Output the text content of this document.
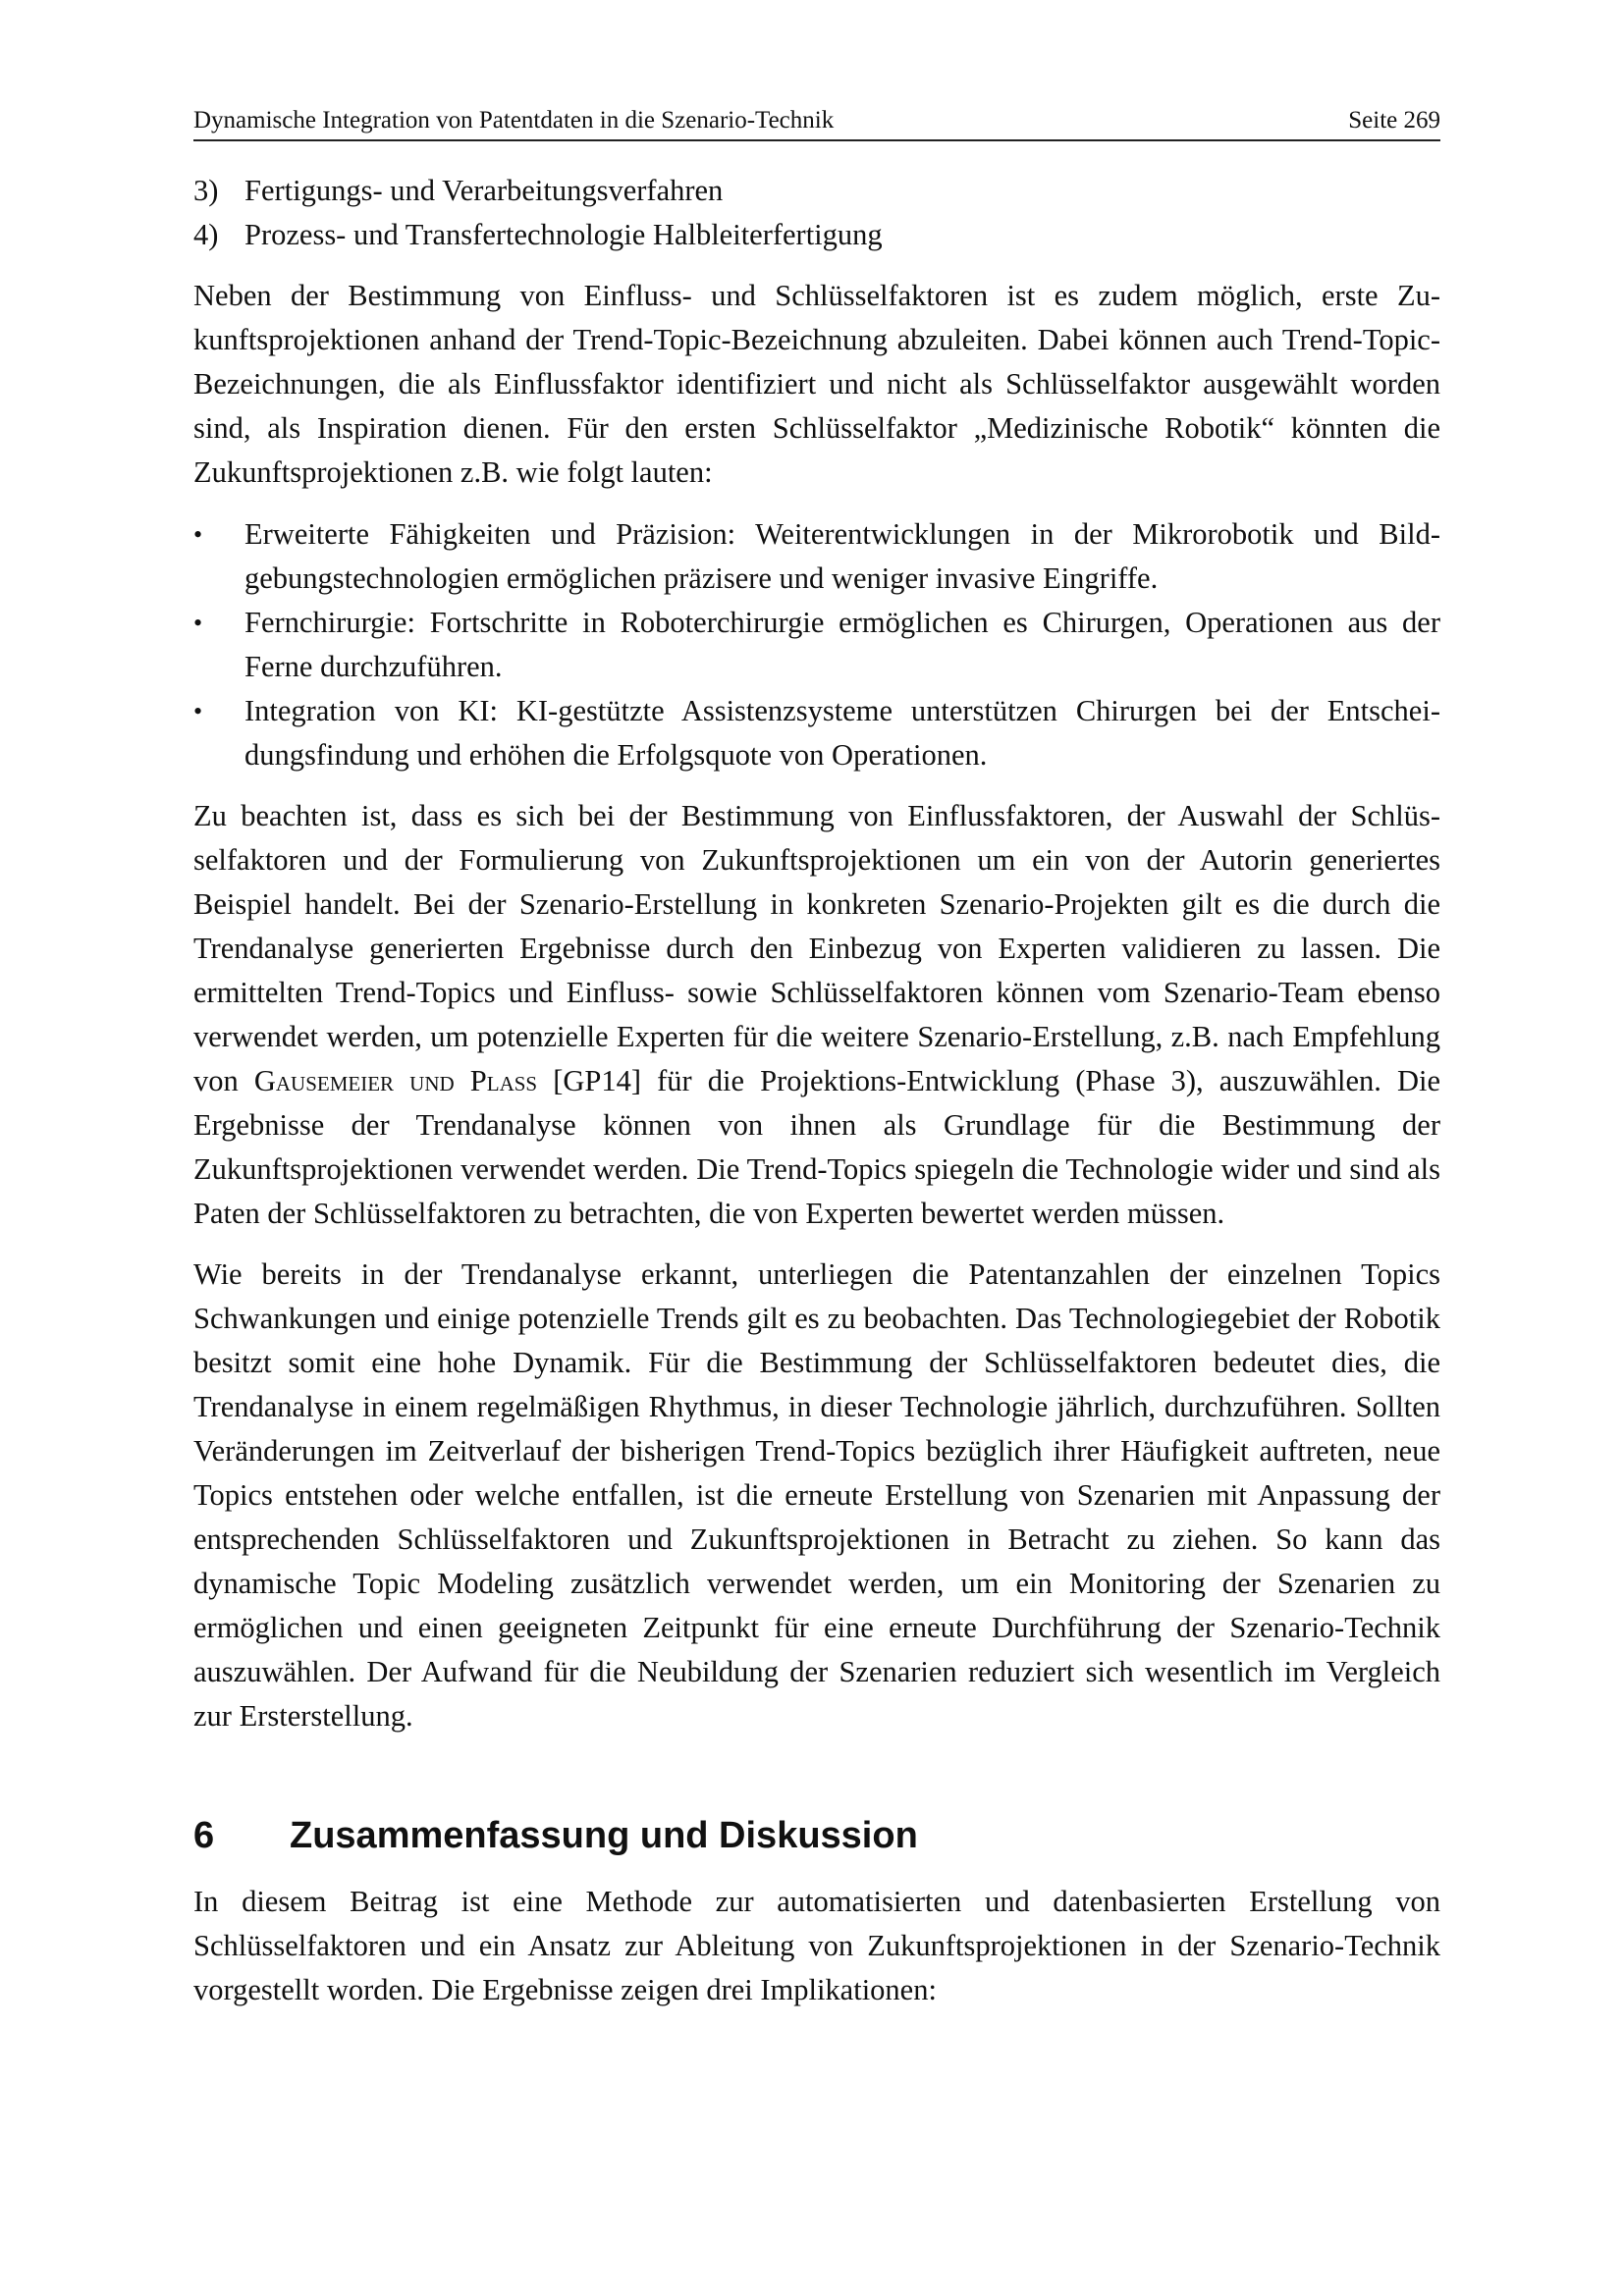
Dynamische Integration von Patentdaten in die Szenario-Technik	Seite 269
3) Fertigungs- und Verarbeitungsverfahren
4) Prozess- und Transfertechnologie Halbleiterfertigung

Neben der Bestimmung von Einfluss- und Schlüsselfaktoren ist es zudem möglich, erste Zukunftsprojektionen anhand der Trend-Topic-Bezeichnung abzuleiten. Dabei können auch Trend-Topic-Bezeichnungen, die als Einflussfaktor identifiziert und nicht als Schlüsselfaktor ausgewählt worden sind, als Inspiration dienen. Für den ersten Schlüsselfaktor „Medizinische Robotik“ könnten die Zukunftsprojektionen z.B. wie folgt lauten:

•	Erweiterte Fähigkeiten und Präzision: Weiterentwicklungen in der Mikrorobotik und Bildgebungstechnologien ermöglichen präzisere und weniger invasive Eingriffe.
•	Fernchirurgie: Fortschritte in Roboterchirurgie ermöglichen es Chirurgen, Operationen aus der Ferne durchzuführen.
•	Integration von KI: KI-gestützte Assistenzsysteme unterstützen Chirurgen bei der Entscheidungsfindung und erhöhen die Erfolgsquote von Operationen.

Zu beachten ist, dass es sich bei der Bestimmung von Einflussfaktoren, der Auswahl der Schlüsselfaktoren und der Formulierung von Zukunftsprojektionen um ein von der Autorin generiertes Beispiel handelt. Bei der Szenario-Erstellung in konkreten Szenario-Projekten gilt es die durch die Trendanalyse generierten Ergebnisse durch den Einbezug von Experten validieren zu lassen. Die ermittelten Trend-Topics und Einfluss- sowie Schlüsselfaktoren können vom Szenario-Team ebenso verwendet werden, um potenzielle Experten für die weitere Szenario-Erstellung, z.B. nach Empfehlung von Gausemeier und Plass [GP14] für die Projektions-Entwicklung (Phase 3), auszuwählen. Die Ergebnisse der Trendanalyse können von ihnen als Grundlage für die Bestimmung der Zukunftsprojektionen verwendet werden. Die Trend-Topics spiegeln die Technologie wider und sind als Paten der Schlüsselfaktoren zu betrachten, die von Experten bewertet werden müssen.

Wie bereits in der Trendanalyse erkannt, unterliegen die Patentanzahlen der einzelnen Topics Schwankungen und einige potenzielle Trends gilt es zu beobachten. Das Technologiegebiet der Robotik besitzt somit eine hohe Dynamik. Für die Bestimmung der Schlüsselfaktoren bedeutet dies, die Trendanalyse in einem regelmäßigen Rhythmus, in dieser Technologie jährlich, durchzuführen. Sollten Veränderungen im Zeitverlauf der bisherigen Trend-Topics bezüglich ihrer Häufigkeit auftreten, neue Topics entstehen oder welche entfallen, ist die erneute Erstellung von Szenarien mit Anpassung der entsprechenden Schlüsselfaktoren und Zukunftsprojektionen in Betracht zu ziehen. So kann das dynamische Topic Modeling zusätzlich verwendet werden, um ein Monitoring der Szenarien zu ermöglichen und einen geeigneten Zeitpunkt für eine erneute Durchführung der Szenario-Technik auszuwählen. Der Aufwand für die Neubildung der Szenarien reduziert sich wesentlich im Vergleich zur Ersterstellung.

6	Zusammenfassung und Diskussion

In diesem Beitrag ist eine Methode zur automatisierten und datenbasierten Erstellung von Schlüsselfaktoren und ein Ansatz zur Ableitung von Zukunftsprojektionen in der Szenario-Technik vorgestellt worden. Die Ergebnisse zeigen drei Implikationen:
